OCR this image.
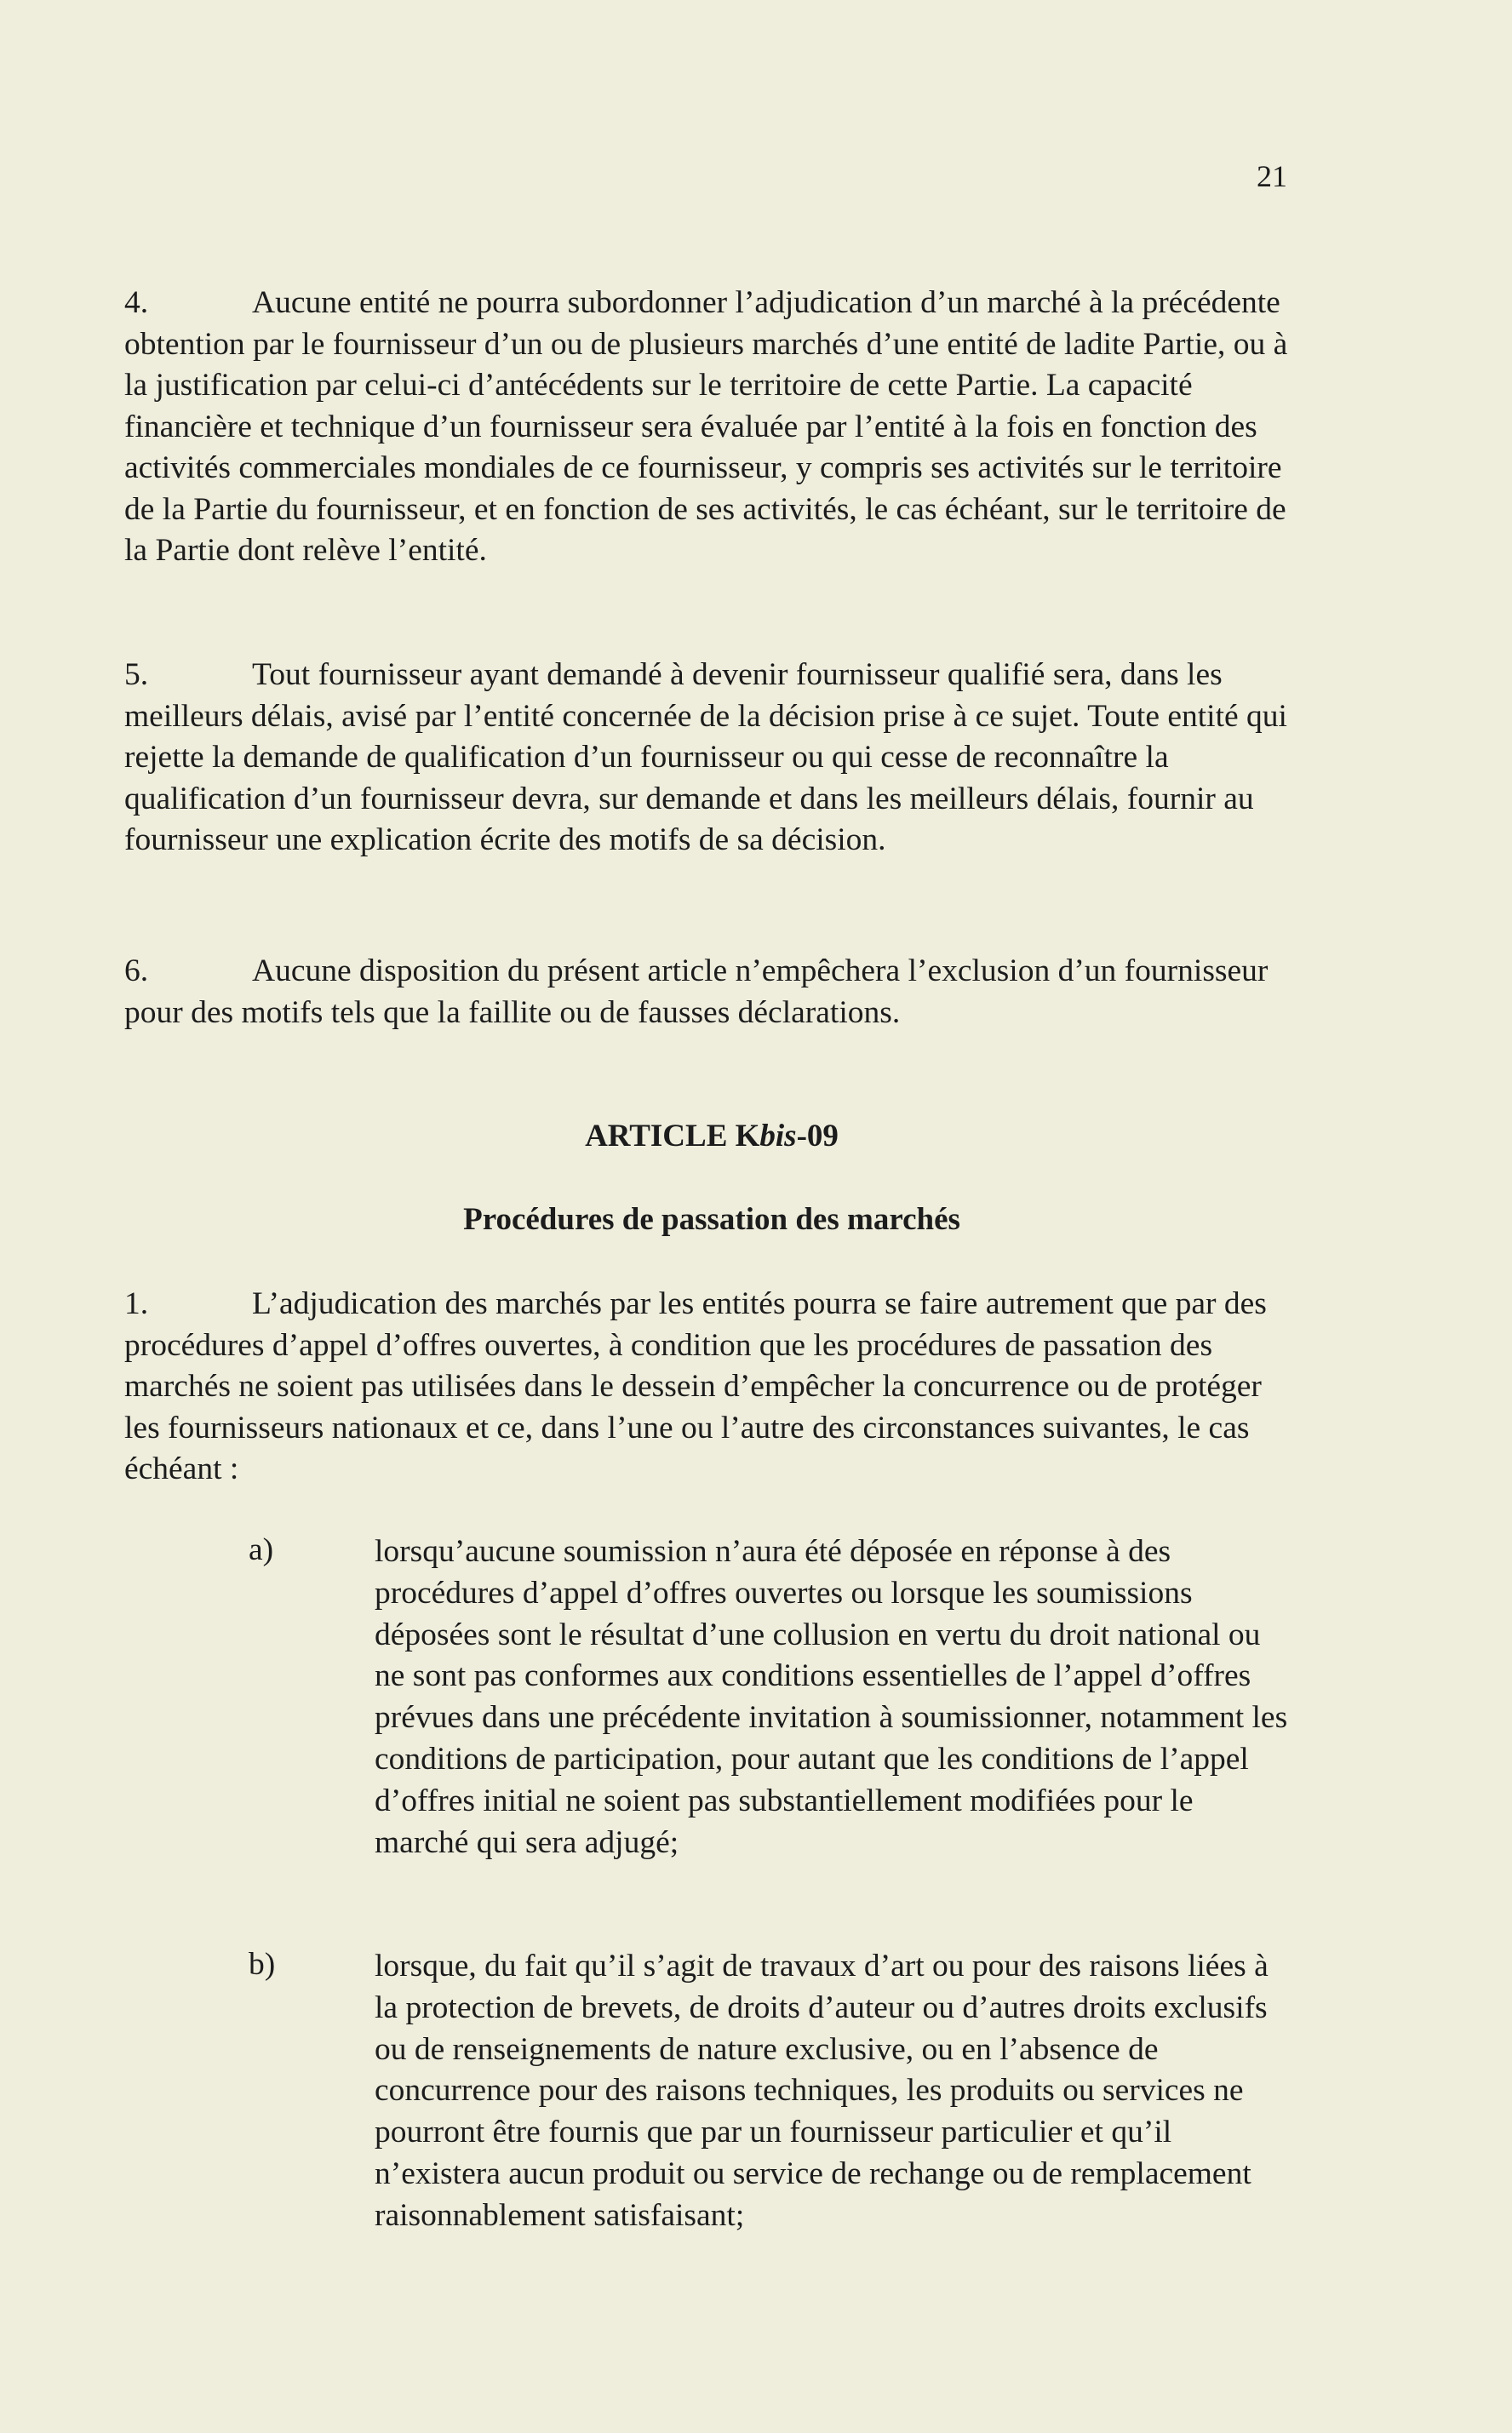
21
4.	Aucune entité ne pourra subordonner l’adjudication d’un marché à la précédente obtention par le fournisseur d’un ou de plusieurs marchés d’une entité de ladite Partie, ou à la justification par celui-ci d’antécédents sur le territoire de cette Partie. La capacité financière et technique d’un fournisseur sera évaluée par l’entité à la fois en fonction des activités commerciales mondiales de ce fournisseur, y compris ses activités sur le territoire de la Partie du fournisseur, et en fonction de ses activités, le cas échéant, sur le territoire de la Partie dont relève l’entité.
5.	Tout fournisseur ayant demandé à devenir fournisseur qualifié sera, dans les meilleurs délais, avisé par l’entité concernée de la décision prise à ce sujet. Toute entité qui rejette la demande de qualification d’un fournisseur ou qui cesse de reconnaître la qualification d’un fournisseur devra, sur demande et dans les meilleurs délais, fournir au fournisseur une explication écrite des motifs de sa décision.
6.	Aucune disposition du présent article n’empêchera l’exclusion d’un fournisseur pour des motifs tels que la faillite ou de fausses déclarations.
ARTICLE Kbis-09
Procédures de passation des marchés
1.	L’adjudication des marchés par les entités pourra se faire autrement que par des procédures d’appel d’offres ouvertes, à condition que les procédures de passation des marchés ne soient pas utilisées dans le dessein d’empêcher la concurrence ou de protéger les fournisseurs nationaux et ce, dans l’une ou l’autre des circonstances suivantes, le cas échéant :
a)	lorsqu’aucune soumission n’aura été déposée en réponse à des procédures d’appel d’offres ouvertes ou lorsque les soumissions déposées sont le résultat d’une collusion en vertu du droit national ou ne sont pas conformes aux conditions essentielles de l’appel d’offres prévues dans une précédente invitation à soumissionner, notamment les conditions de participation, pour autant que les conditions de l’appel d’offres initial ne soient pas substantiellement modifiées pour le marché qui sera adjugé;
b)	lorsque, du fait qu’il s’agit de travaux d’art ou pour des raisons liées à la protection de brevets, de droits d’auteur ou d’autres droits exclusifs ou de renseignements de nature exclusive, ou en l’absence de concurrence pour des raisons techniques, les produits ou services ne pourront être fournis que par un fournisseur particulier et qu’il n’existera aucun produit ou service de rechange ou de remplacement raisonnablement satisfaisant;
